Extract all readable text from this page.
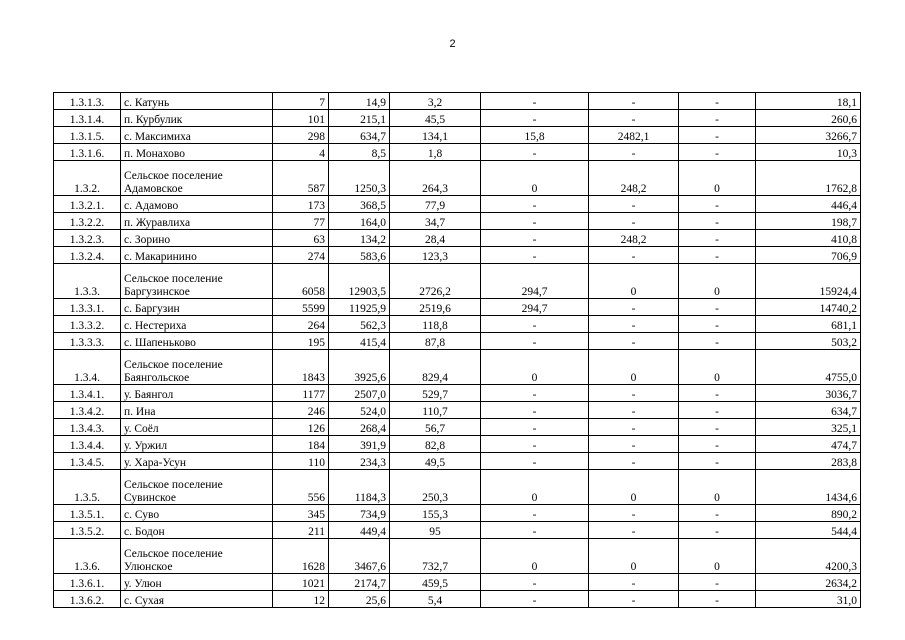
2
1.3.1.3.	с. Катунь	7	14,9	3,2	-	-	-	18,1
1.3.1.4.	п. Курбулик	101	215,1	45,5	-	-	-	260,6
1.3.1.5.	с. Максимиха	298	634,7	134,1	15,8	2482,1	-	3266,7
1.3.1.6.	п. Монахово	4	8,5	1,8	-	-	-	10,3
1.3.2.	Сельское поселение Адамовское	587	1250,3	264,3	0	248,2	0	1762,8
1.3.2.1.	с. Адамово	173	368,5	77,9	-	-	-	446,4
1.3.2.2.	п. Журавлиха	77	164,0	34,7	-	-	-	198,7
1.3.2.3.	с. Зорино	63	134,2	28,4	-	248,2	-	410,8
1.3.2.4.	с. Макаринино	274	583,6	123,3	-	-	-	706,9
1.3.3.	Сельское поселение Баргузинское	6058	12903,5	2726,2	294,7	0	0	15924,4
1.3.3.1.	с. Баргузин	5599	11925,9	2519,6	294,7	-	-	14740,2
1.3.3.2.	с. Нестериха	264	562,3	118,8	-	-	-	681,1
1.3.3.3.	с. Шапеньково	195	415,4	87,8	-	-	-	503,2
1.3.4.	Сельское поселение Баянгольское	1843	3925,6	829,4	0	0	0	4755,0
1.3.4.1.	у. Баянгол	1177	2507,0	529,7	-	-	-	3036,7
1.3.4.2.	п. Ина	246	524,0	110,7	-	-	-	634,7
1.3.4.3.	у. Соёл	126	268,4	56,7	-	-	-	325,1
1.3.4.4.	у. Уржил	184	391,9	82,8	-	-	-	474,7
1.3.4.5.	у. Хара-Усун	110	234,3	49,5	-	-	-	283,8
1.3.5.	Сельское поселение Сувинское	556	1184,3	250,3	0	0	0	1434,6
1.3.5.1.	с. Суво	345	734,9	155,3	-	-	-	890,2
1.3.5.2.	с. Бодон	211	449,4	95	-	-	-	544,4
1.3.6.	Сельское поселение Улюнское	1628	3467,6	732,7	0	0	0	4200,3
1.3.6.1.	у. Улюн	1021	2174,7	459,5	-	-	-	2634,2
1.3.6.2.	с. Сухая	12	25,6	5,4	-	-	-	31,0
